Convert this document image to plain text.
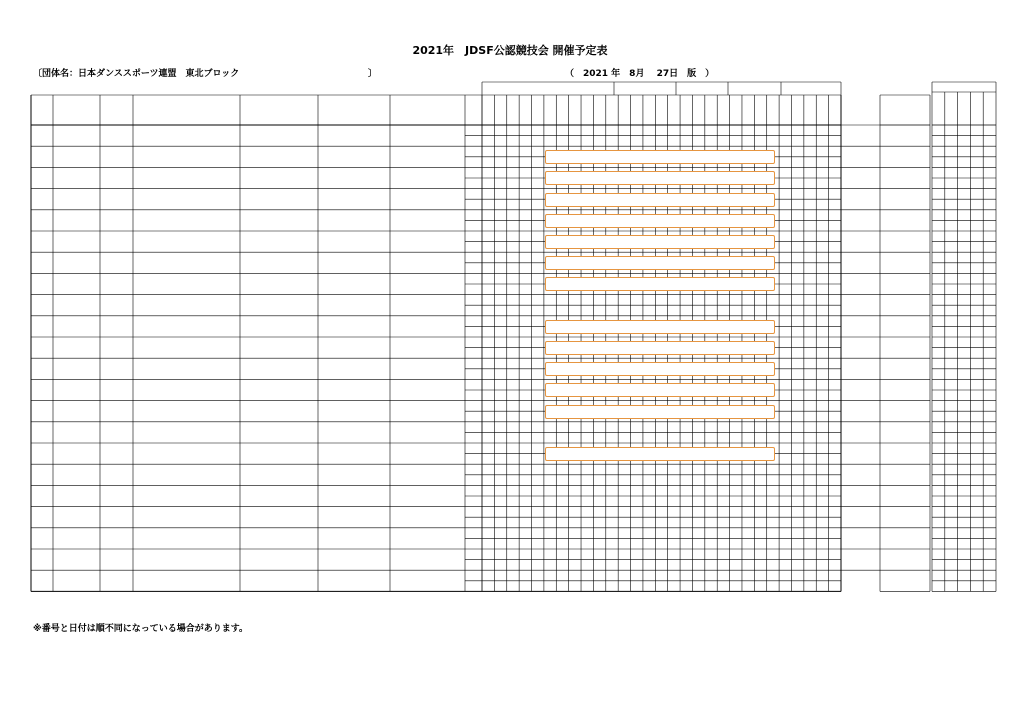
2021年　JDSF公認競技会 開催予定表
〔団体名：日本ダンススポーツ連盟　東北ブロック	〕	（　2021 年　8月　 27日　版　）
※番号と日付は順不同になっている場合があります。
